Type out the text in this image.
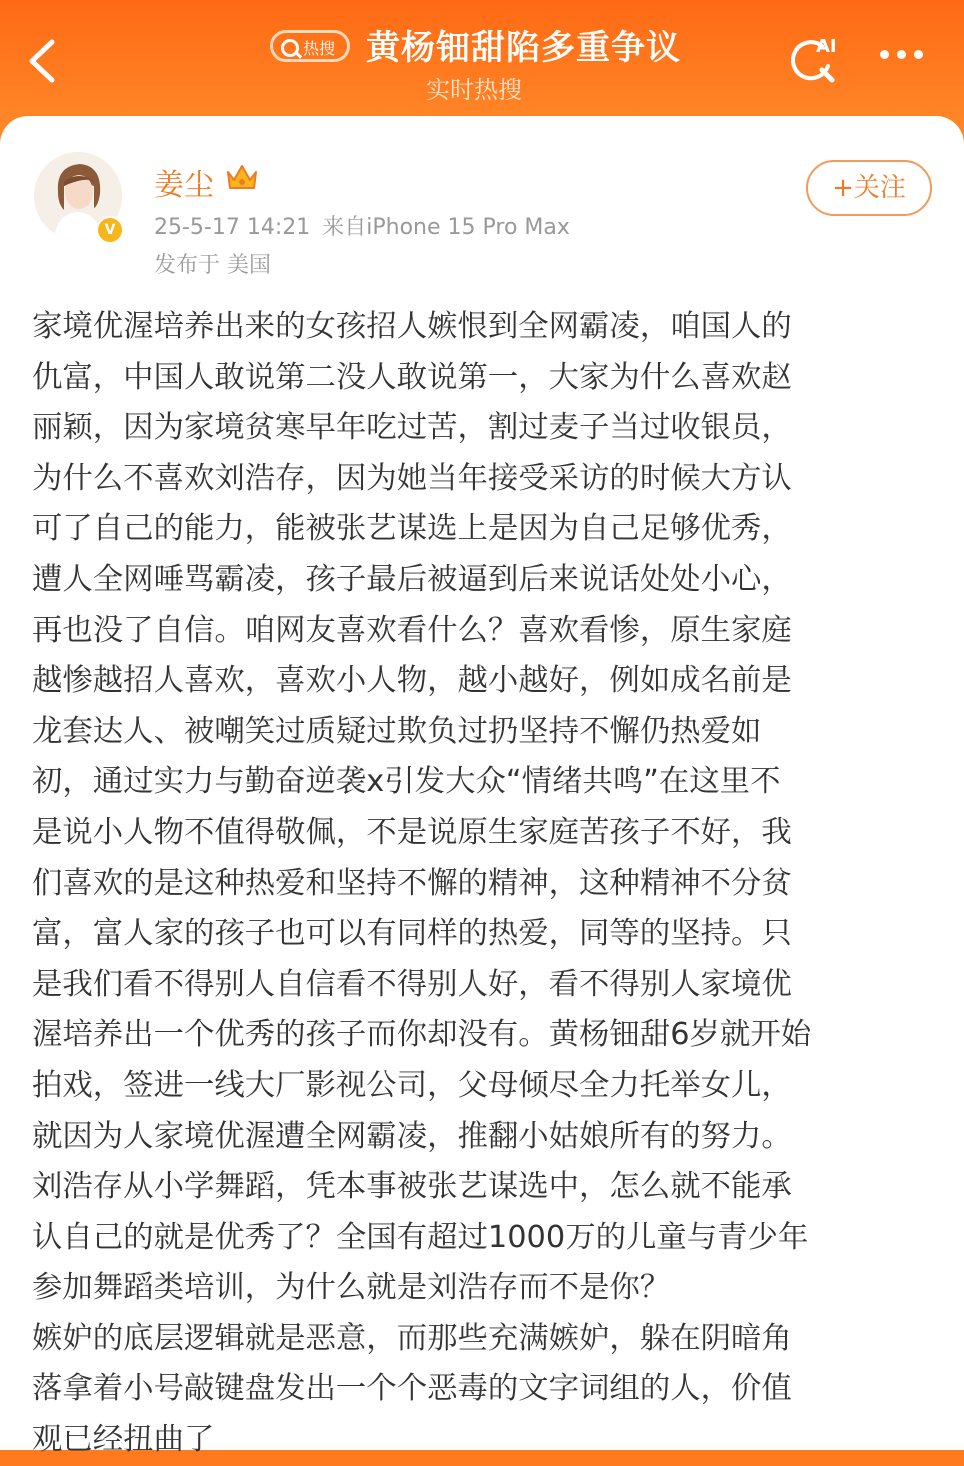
热搜 黄杨钿甜陷多重争议
实时热搜
AI
V
姜尘
25-5-17 14:21 来自iPhone 15 Pro Max
发布于 美国
+关注

家境优渥培养出来的女孩招人嫉恨到全网霸凌，咱国人的

仇富，中国人敢说第二没人敢说第一，大家为什么喜欢赵

丽颖，因为家境贫寒早年吃过苦，割过麦子当过收银员，

为什么不喜欢刘浩存，因为她当年接受采访的时候大方认

可了自己的能力，能被张艺谋选上是因为自己足够优秀，

遭人全网唾骂霸凌，孩子最后被逼到后来说话处处小心，

再也没了自信。咱网友喜欢看什么？喜欢看惨，原生家庭

越惨越招人喜欢，喜欢小人物，越小越好，例如成名前是

龙套达人、被嘲笑过质疑过欺负过扔坚持不懈仍热爱如

初，通过实力与勤奋逆袭x引发大众“情绪共鸣”在这里不

是说小人物不值得敬佩，不是说原生家庭苦孩子不好，我

们喜欢的是这种热爱和坚持不懈的精神，这种精神不分贫

富，富人家的孩子也可以有同样的热爱，同等的坚持。只

是我们看不得别人自信看不得别人好，看不得别人家境优

渥培养出一个优秀的孩子而你却没有。黄杨钿甜6岁就开始

拍戏，签进一线大厂影视公司，父母倾尽全力托举女儿，

就因为人家境优渥遭全网霸凌，推翻小姑娘所有的努力。

刘浩存从小学舞蹈，凭本事被张艺谋选中，怎么就不能承

认自己的就是优秀了？全国有超过1000万的儿童与青少年

参加舞蹈类培训，为什么就是刘浩存而不是你？

嫉妒的底层逻辑就是恶意，而那些充满嫉妒，躲在阴暗角

落拿着小号敲键盘发出一个个恶毒的文字词组的人，价值

观已经扭曲了
